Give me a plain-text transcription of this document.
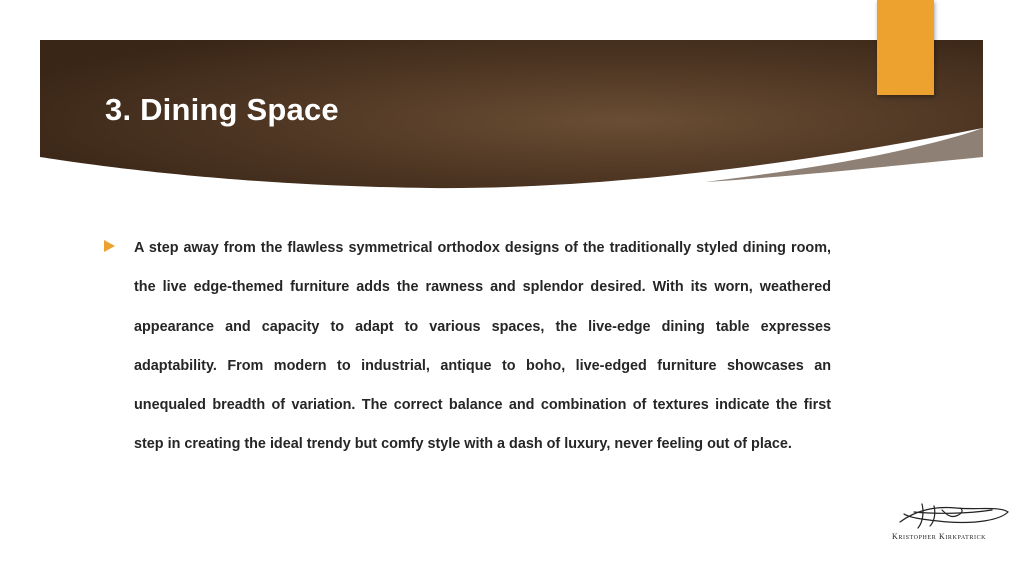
3. Dining Space

A step away from the flawless symmetrical orthodox designs of the traditionally styled dining room, the live edge-themed furniture adds the rawness and splendor desired. With its worn, weathered appearance and capacity to adapt to various spaces, the live-edge dining table expresses adaptability. From modern to industrial, antique to boho, live-edged furniture showcases an unequaled breadth of variation. The correct balance and combination of textures indicate the first step in creating the ideal trendy but comfy style with a dash of luxury, never feeling out of place.

Kristopher Kirkpatrick
